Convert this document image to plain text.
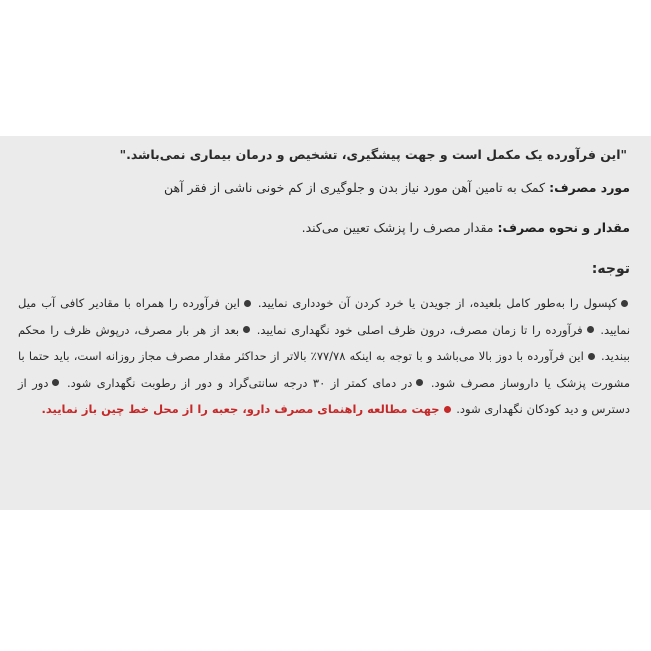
"این فرآورده یک مکمل است و جهت پیشگیری، تشخیص و درمان بیماری نمی‌باشد."
مورد مصرف: کمک به تامین آهن مورد نیاز بدن و جلوگیری از کم خونی ناشی از فقر آهن
مقدار و نحوه مصرف: مقدار مصرف را پزشک تعیین می‌کند.
توجه:
کپسول را به‌طور کامل بلعیده، از جویدن یا خرد کردن آن خودداری نمایید. این فرآورده را همراه با مقادیر کافی آب میل نمایید. فرآورده را تا زمان مصرف، درون ظرف اصلی خود نگهداری نمایید. بعد از هر بار مصرف، درپوش ظرف را محکم ببندید. این فرآورده با دوز بالا می‌باشد و با توجه به اینکه ۷۷/۷۸٪ بالاتر از حداکثر مقدار مصرف مجاز روزانه است، باید حتما با مشورت پزشک یا داروساز مصرف شود. در دمای کمتر از ۳۰ درجه سانتی‌گراد و دور از رطوبت نگهداری شود. دور از دسترس و دید کودکان نگهداری شود. جهت مطالعه راهنمای مصرف دارو، جعبه را از محل خط چین باز نمایید.
